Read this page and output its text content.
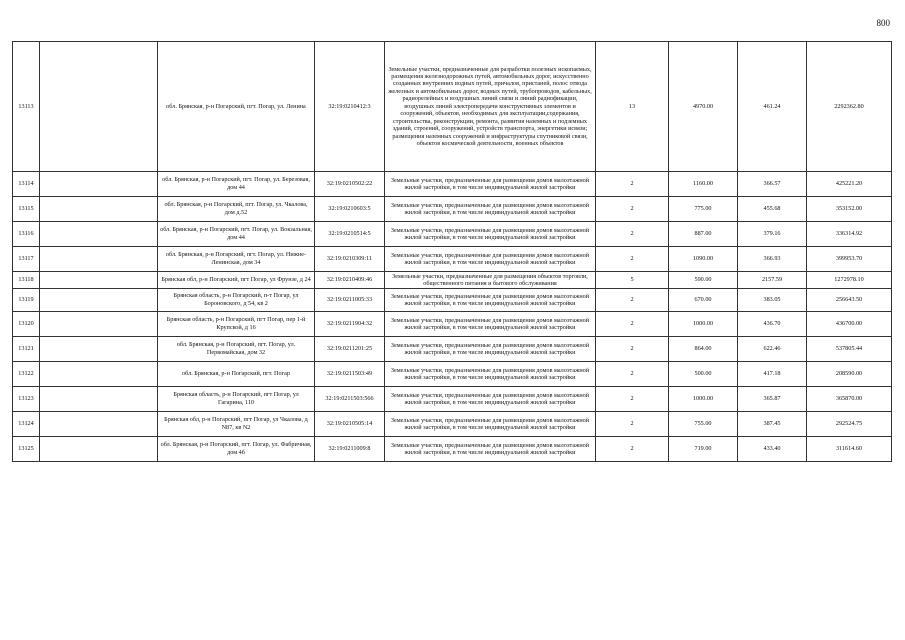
800
13113		обл. Брянская, р-н Погарский, пгт. Погар, ул. Ленина	32:19:0210412:3	Земельные участки, предназначенные для разработки полезных ископаемых, размещения железнодорожных путей, автомобильных дорог, искусственно созданных внутренних водных путей, причалов, пристаней, полос отвода железных и автомобильных дорог, водных путей, трубопроводов, кабельных, радиорелейных и воздушных линий связи и линий радиофикации, воздушных линий электропередачи конструктивных элементов и сооружений, объектов, необходимых для эксплуатации,содержания, строительства, реконструкции, ремонта, развития наземных и подземных зданий, строений, сооружений, устройств транспорта, энергетики исвязи; размещения наземных сооружений и инфраструктуры спутниковой связи, объектов космической деятельности, военных объектов	13	4970.00	461.24	2292362.80
13114		обл. Брянская, р-н Погарский, пгт. Погар, ул. Березовая, дом 44	32:19:0210502:22	Земельные участки, предназначенные для размещения домов малоэтажной жилой застройки, в том числе индивидуальной жилой застройки	2	1160.00	366.57	425221.20
13115		обл. Брянская, р-н Погарский, пгт. Погар, ул. Чкалова, дом д.52	32:19:0210603:5	Земельные участки, предназначенные для размещения домов малоэтажной жилой застройки, в том числе индивидуальной жилой застройки	2	775.00	455.68	353152.00
13116		обл. Брянская, р-н Погарский, пгт. Погар, ул. Вокзальная, дом 44	32:19:0210514:5	Земельные участки, предназначенные для размещения домов малоэтажной жилой застройки, в том числе индивидуальной жилой застройки	2	887.00	379.16	336314.92
13117		обл. Брянская, р-н Погарский, пгт. Погар, ул. Нижне-Ленинская, дом 34	32:19:0210309:11	Земельные участки, предназначенные для размещения домов малоэтажной жилой застройки, в том числе индивидуальной жилой застройки	2	1090.00	366.93	399953.70
13118		Брянская обл, р-н Погарский, пгт Погар, ул Фрунзе, д 24	32:19:0210409:46	Земельные участки, предназначенные для размещения объектов торговли, общественного питания и бытового обслуживания	5	590.00	2157.59	1272978.10
13119		Брянская область, р-н Погарский, п-т Погар, ул Бороновского, д 54, кв 2	32:19:0211005:33	Земельные участки, предназначенные для размещения домов малоэтажной жилой застройки, в том числе индивидуальной жилой застройки	2	670.00	383.05	256643.50
13120		Брянская область, р-н Погарский, пгт Погар, пер 1-й Крупской, д 16	32:19:0211904:32	Земельные участки, предназначенные для размещения домов малоэтажной жилой застройки, в том числе индивидуальной жилой застройки	2	1000.00	436.70	436700.00
13121		обл. Брянская, р-н Погарский, пгт. Погар, ул. Первомайская, дом 32	32:19:0211201:25	Земельные участки, предназначенные для размещения домов малоэтажной жилой застройки, в том числе индивидуальной жилой застройки	2	864.00	622.46	537805.44
13122		обл. Брянская, р-н Погарский, пгт. Погар	32:19:0211503:49	Земельные участки, предназначенные для размещения домов малоэтажной жилой застройки, в том числе индивидуальной жилой застройки	2	500.00	417.18	208590.00
13123		Брянская область, р-н Погарский, пгт Погар, ул Гагарина, 110	32:19:0211503:566	Земельные участки, предназначенные для размещения домов малоэтажной жилой застройки, в том числе индивидуальной жилой застройки	2	1000.00	365.87	365870.00
13124		Брянская обл, р-н Погарский, пгт Погар, ул Чкалова, д N87, кв N2	32:19:0210505:14	Земельные участки, предназначенные для размещения домов малоэтажной жилой застройки, в том числе индивидуальной жилой застройки	2	755.00	387.45	292524.75
13125		обл. Брянская, р-н Погарский, пгт. Погар, ул. Фабричная, дом 4б	32:19:0211009:8	Земельные участки, предназначенные для размещения домов малоэтажной жилой застройки, в том числе индивидуальной жилой застройки	2	719.00	433.40	311614.60
